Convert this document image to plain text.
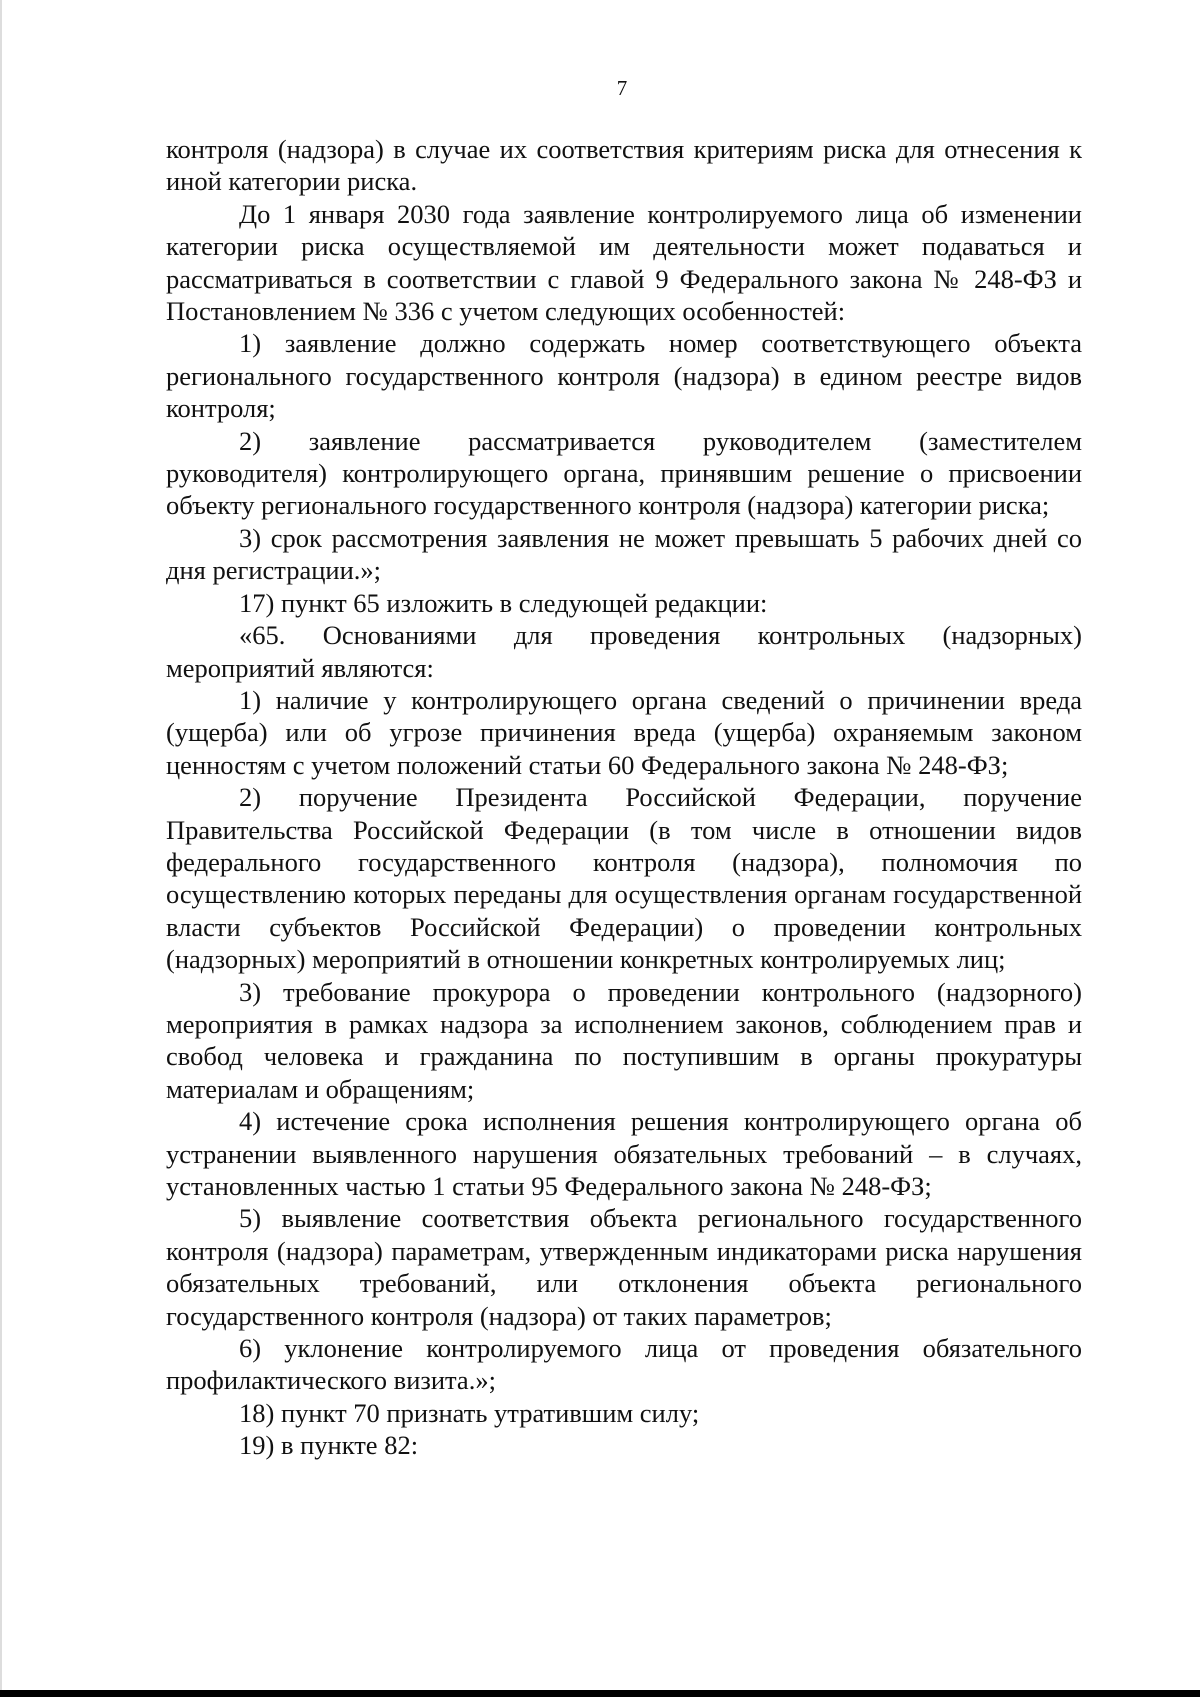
7

контроля (надзора) в случае их соответствия критериям риска для отнесения к иной категории риска.

До 1 января 2030 года заявление контролируемого лица об изменении категории риска осуществляемой им деятельности может подаваться и рассматриваться в соответствии с главой 9 Федерального закона № 248-ФЗ и Постановлением № 336 с учетом следующих особенностей:

1) заявление должно содержать номер соответствующего объекта регионального государственного контроля (надзора) в едином реестре видов контроля;

2) заявление рассматривается руководителем (заместителем руководителя) контролирующего органа, принявшим решение о присвоении объекту регионального государственного контроля (надзора) категории риска;

3) срок рассмотрения заявления не может превышать 5 рабочих дней со дня регистрации.»;

17) пункт 65 изложить в следующей редакции:

«65. Основаниями для проведения контрольных (надзорных) мероприятий являются:

1) наличие у контролирующего органа сведений о причинении вреда (ущерба) или об угрозе причинения вреда (ущерба) охраняемым законом ценностям с учетом положений статьи 60 Федерального закона № 248-ФЗ;

2) поручение Президента Российской Федерации, поручение Правительства Российской Федерации (в том числе в отношении видов федерального государственного контроля (надзора), полномочия по осуществлению которых переданы для осуществления органам государственной власти субъектов Российской Федерации) о проведении контрольных (надзорных) мероприятий в отношении конкретных контролируемых лиц;

3) требование прокурора о проведении контрольного (надзорного) мероприятия в рамках надзора за исполнением законов, соблюдением прав и свобод человека и гражданина по поступившим в органы прокуратуры материалам и обращениям;

4) истечение срока исполнения решения контролирующего органа об устранении выявленного нарушения обязательных требований – в случаях, установленных частью 1 статьи 95 Федерального закона № 248-ФЗ;

5) выявление соответствия объекта регионального государственного контроля (надзора) параметрам, утвержденным индикаторами риска нарушения обязательных требований, или отклонения объекта регионального государственного контроля (надзора) от таких параметров;

6) уклонение контролируемого лица от проведения обязательного профилактического визита.»;

18) пункт 70 признать утратившим силу;

19) в пункте 82:
